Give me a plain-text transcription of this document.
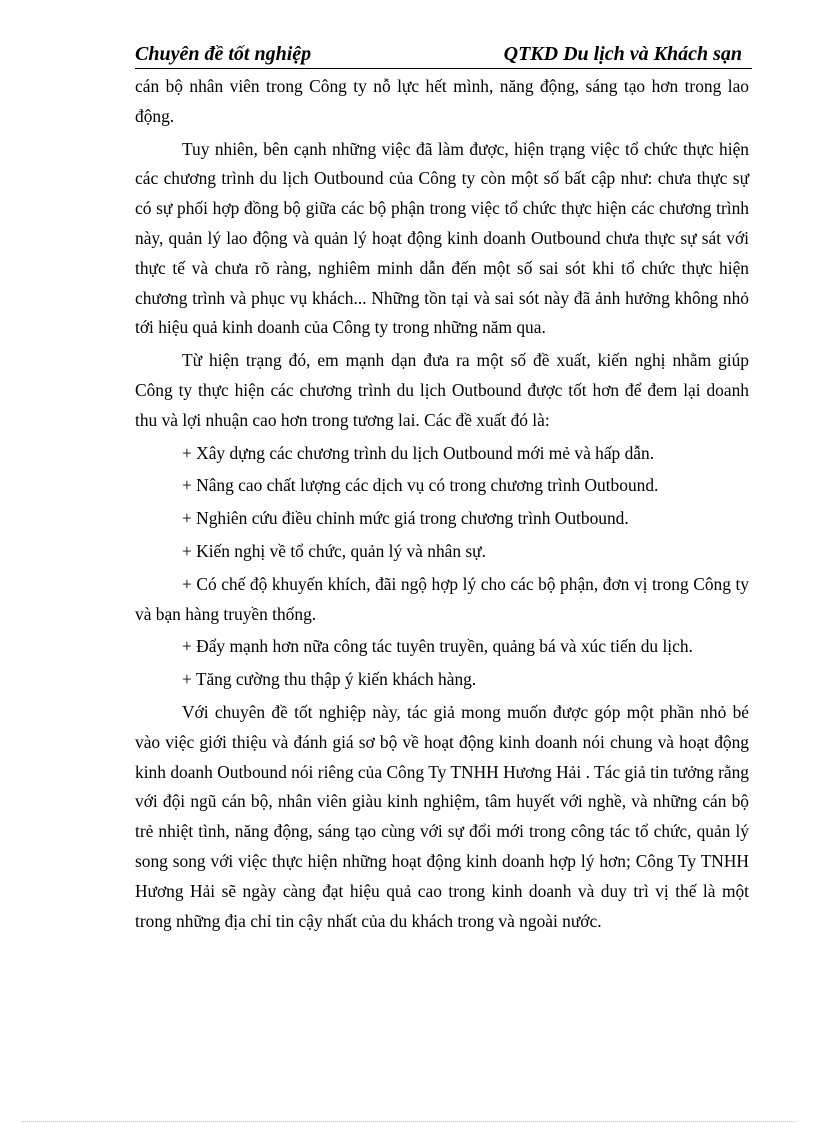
Chuyên đề tốt nghiệp	QTKD Du lịch và Khách sạn

cán bộ nhân viên trong Công ty nỗ lực hết mình, năng động, sáng tạo hơn trong lao động.

Tuy nhiên, bên cạnh những việc đã làm được, hiện trạng việc tổ chức thực hiện các chương trình du lịch Outbound của Công ty còn một số bất cập như: chưa thực sự có sự phối hợp đồng bộ giữa các bộ phận trong việc tổ chức thực hiện các chương trình này, quản lý lao động và quản lý hoạt động kinh doanh Outbound chưa thực sự sát với thực tế và chưa rõ ràng, nghiêm minh dẫn đến một số sai sót khi tổ chức thực hiện chương trình và phục vụ khách... Những tồn tại và sai sót này đã ảnh hưởng không nhỏ tới hiệu quả kinh doanh của Công ty trong những năm qua.

Từ hiện trạng đó, em mạnh dạn đưa ra một số đề xuất, kiến nghị nhằm giúp Công ty thực hiện các chương trình du lịch Outbound được tốt hơn để đem lại doanh thu và lợi nhuận cao hơn trong tương lai. Các đề xuất đó là:

+ Xây dựng các chương trình du lịch Outbound mới mẻ và hấp dẫn.

+ Nâng cao chất lượng các dịch vụ có trong chương trình Outbound.

+ Nghiên cứu điều chỉnh mức giá trong chương trình Outbound.

+ Kiến nghị về tổ chức, quản lý và nhân sự.

+ Có chế độ khuyến khích, đãi ngộ hợp lý cho các bộ phận, đơn vị trong Công ty và bạn hàng truyền thống.

+ Đẩy mạnh hơn nữa công tác tuyên truyền, quảng bá và xúc tiến du lịch.

+ Tăng cường thu thập ý kiến khách hàng.

Với chuyên đề tốt nghiệp này, tác giả mong muốn được góp một phần nhỏ bé vào việc giới thiệu và đánh giá sơ bộ về hoạt động kinh doanh nói chung và hoạt động kinh doanh Outbound nói riêng của Công Ty TNHH Hương Hải . Tác giả tin tưởng rằng với đội ngũ cán bộ, nhân viên giàu kinh nghiệm, tâm huyết với nghề, và những cán bộ trẻ nhiệt tình, năng động, sáng tạo cùng với sự đổi mới trong công tác tổ chức, quản lý song song với việc thực hiện những hoạt động kinh doanh hợp lý hơn; Công Ty TNHH Hương Hải sẽ ngày càng đạt hiệu quả cao trong kinh doanh và duy trì vị thế là một trong những địa chỉ tin cậy nhất của du khách trong và ngoài nước.
